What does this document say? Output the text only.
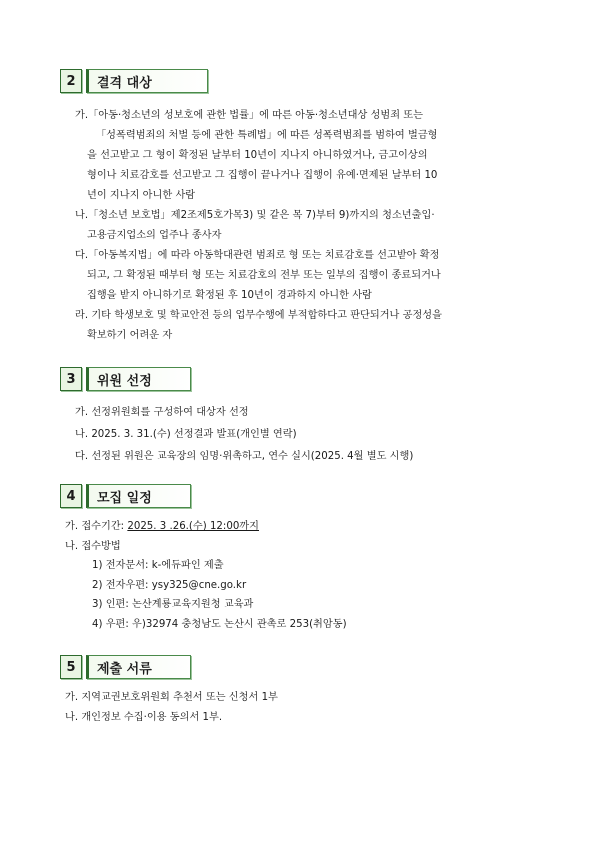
2	결격 대상
가.「아동·청소년의 성보호에 관한 법률」에 따른 아동·청소년대상 성범죄 또는
「성폭력범죄의 처벌 등에 관한 특례법」에 따른 성폭력범죄를 범하여 벌금형
을 선고받고 그 형이 확정된 날부터 10년이 지나지 아니하였거나, 금고이상의
형이나 치료감호를 선고받고 그 집행이 끝나거나 집행이 유예·면제된 날부터 10
년이 지나지 아니한 사람
나.「청소년 보호법」제2조제5호가목3) 및 같은 목 7)부터 9)까지의 청소년출입·
고용금지업소의 업주나 종사자
다.「아동복지법」에 따라 아동학대관련 범죄로 형 또는 치료감호를 선고받아 확정
되고, 그 확정된 때부터 형 또는 치료감호의 전부 또는 일부의 집행이 종료되거나
집행을 받지 아니하기로 확정된 후 10년이 경과하지 아니한 사람
라. 기타 학생보호 및 학교안전 등의 업무수행에 부적합하다고 판단되거나 공정성을
확보하기 어려운 자
3	위원 선정
가. 선정위원회를 구성하여 대상자 선정
나. 2025. 3. 31.(수) 선정결과 발표(개인별 연락)
다. 선정된 위원은 교육장의 임명·위촉하고, 연수 실시(2025. 4월 별도 시행)
4	모집 일정
가. 접수기간: 2025. 3 .26.(수) 12:00까지
나. 접수방법
1) 전자문서: k-에듀파인 제출
2) 전자우편: ysy325@cne.go.kr
3) 인편: 논산계룡교육지원청 교육과
4) 우편: 우)32974 충청남도 논산시 관촉로 253(취암동)
5	제출 서류
가. 지역교권보호위원회 추천서 또는 신청서 1부
나. 개인정보 수집·이용 동의서 1부.
